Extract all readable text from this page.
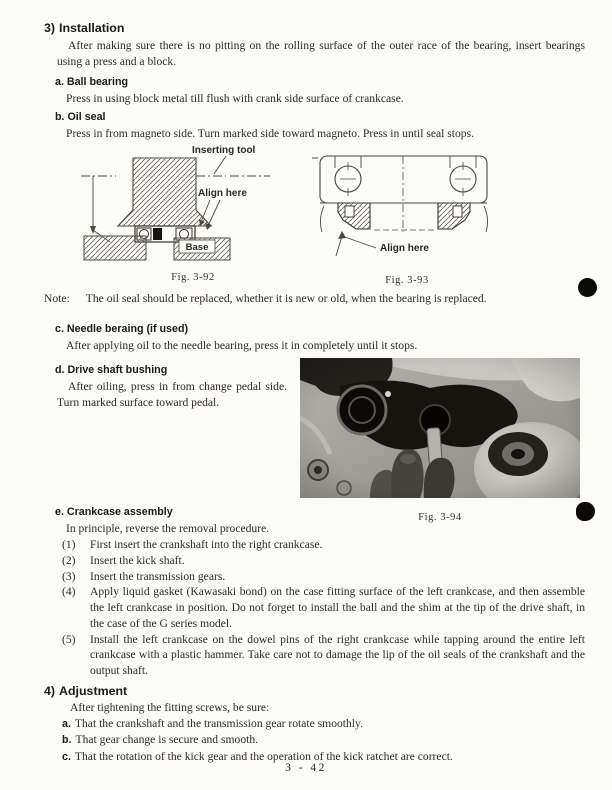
3) Installation

After making sure there is no pitting on the rolling surface of the outer race of the bearing, insert bearings using a press and a block.

a. Ball bearing

Press in using block metal till flush with crank side surface of crankcase.

b. Oil seal

Press in from magneto side. Turn marked side toward magneto. Press in until seal stops.

Base
Inserting tool
Align here
Fig. 3-92
Align here
Fig. 3-93
Note: The oil seal should be replaced, whether it is new or old, when the bearing is replaced.
c. Needle beraing (if used)

After applying oil to the needle bearing, press it in completely until it stops.

d. Drive shaft bushing

After oiling, press in from change pedal side. Turn marked surface toward pedal.

Fig. 3-94
e. Crankcase assembly

In principle, reverse the removal procedure.

(1)	First insert the crankshaft into the right crankcase.
(2)	Insert the kick shaft.
(3)	Insert the transmission gears.
(4)	Apply liquid gasket (Kawasaki bond) on the case fitting surface of the left crankcase, and then assemble the left crankcase in position. Do not forget to install the ball and the shim at the tip of the drive shaft, in the case of the G series model.
(5)	Install the left crankcase on the dowel pins of the right crankcase while tapping around the entire left crankcase with a plastic hammer. Take care not to damage the lip of the oil seals of the crankshaft and the output shaft.
4) Adjustment

After tightening the fitting screws, be sure:

a. That the crankshaft and the transmission gear rotate smoothly.
b. That gear change is secure and smooth.
c. That the rotation of the kick gear and the operation of the kick ratchet are correct.
3 - 42
